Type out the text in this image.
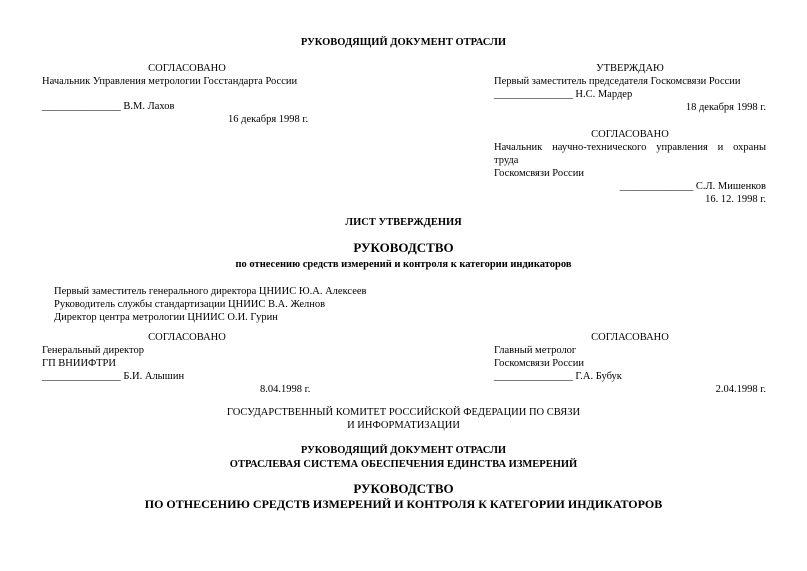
РУКОВОДЯЩИЙ ДОКУМЕНТ ОТРАСЛИ
СОГЛАСОВАНО
Начальник Управления метрологии Госстандарта России
_______________ В.М. Лахов
16 декабря 1998 г.
УТВЕРЖДАЮ
Первый заместитель председателя Госкомсвязи России
_______________ Н.С. Мардер
18 декабря 1998 г.
СОГЛАСОВАНО
Начальник научно-технического управления и охраны
труда
Госкомсвязи России
______________ С.Л. Мишенков
16. 12. 1998 г.
ЛИСТ УТВЕРЖДЕНИЯ
РУКОВОДСТВО
по отнесению средств измерений и контроля к категории индикаторов
Первый заместитель генерального директора ЦНИИС Ю.А. Алексеев
Руководитель службы стандартизации ЦНИИС В.А. Желнов
Директор центра метрологии ЦНИИС О.И. Гурин
СОГЛАСОВАНО
Генеральный директор
ГП ВНИИФТРИ
_______________ Б.И. Алышин
8.04.1998 г.
СОГЛАСОВАНО
Главный метролог
Госкомсвязи России
_______________ Г.А. Бубук
2.04.1998 г.
ГОСУДАРСТВЕННЫЙ КОМИТЕТ РОССИЙСКОЙ ФЕДЕРАЦИИ ПО СВЯЗИ
И ИНФОРМАТИЗАЦИИ
РУКОВОДЯЩИЙ ДОКУМЕНТ ОТРАСЛИ
ОТРАСЛЕВАЯ СИСТЕМА ОБЕСПЕЧЕНИЯ ЕДИНСТВА ИЗМЕРЕНИЙ
РУКОВОДСТВО
ПО ОТНЕСЕНИЮ СРЕДСТВ ИЗМЕРЕНИЙ И КОНТРОЛЯ К КАТЕГОРИИ ИНДИКАТОРОВ
